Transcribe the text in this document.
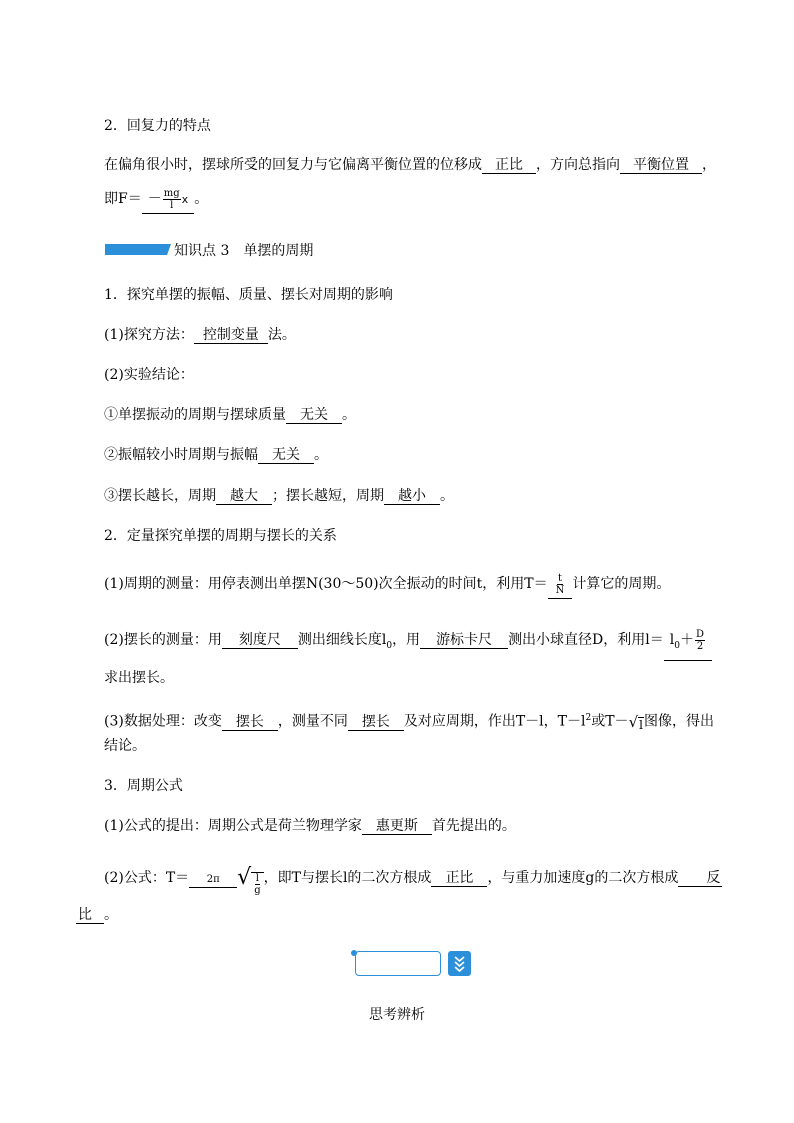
2．回复力的特点
在偏角很小时，摆球所受的回复力与它偏离平衡位置的位移成 正比 ，方向总指向 平衡位置 ，
即$F= - \frac{mg}{l}$ x 。
知识点 3　单摆的周期
1．探究单摆的振幅、质量、摆长对周期的影响
(1)探究方法： 控制变量 法。
(2)实验结论：
①单摆振动的周期与摆球质量 无关 。
②振幅较小时周期与振幅 无关 。
③摆长越长，周期 越大 ；摆长越短，周期 越小 。
2．定量探究单摆的周期与摆长的关系
(1)周期的测量：用停表测出单摆N(30～50)次全振动的时间t，利用$T= \frac{t}{N}$ 计算它的周期。
(2)摆长的测量：用 刻度尺 测出细线长度$l_0$，用 游标卡尺 测出小球直径D，利用$l= l_0+ \frac{D}{2}$
求出摆长。
(3)数据处理：改变 摆长 ，测量不同 摆长 及对应周期，作出T－l，$T-l^2$或T－ √ l 图像，得出
结论。
3．周期公式
(1)公式的提出：周期公式是荷兰物理学家 惠更斯 首先提出的。
(2)公式：T＝ 2π √ $\frac{l}{g}$ ，即T与摆长l的二次方根成 正比 ，与重力加速度g的二次方根成 反
比 。
思考辨析
